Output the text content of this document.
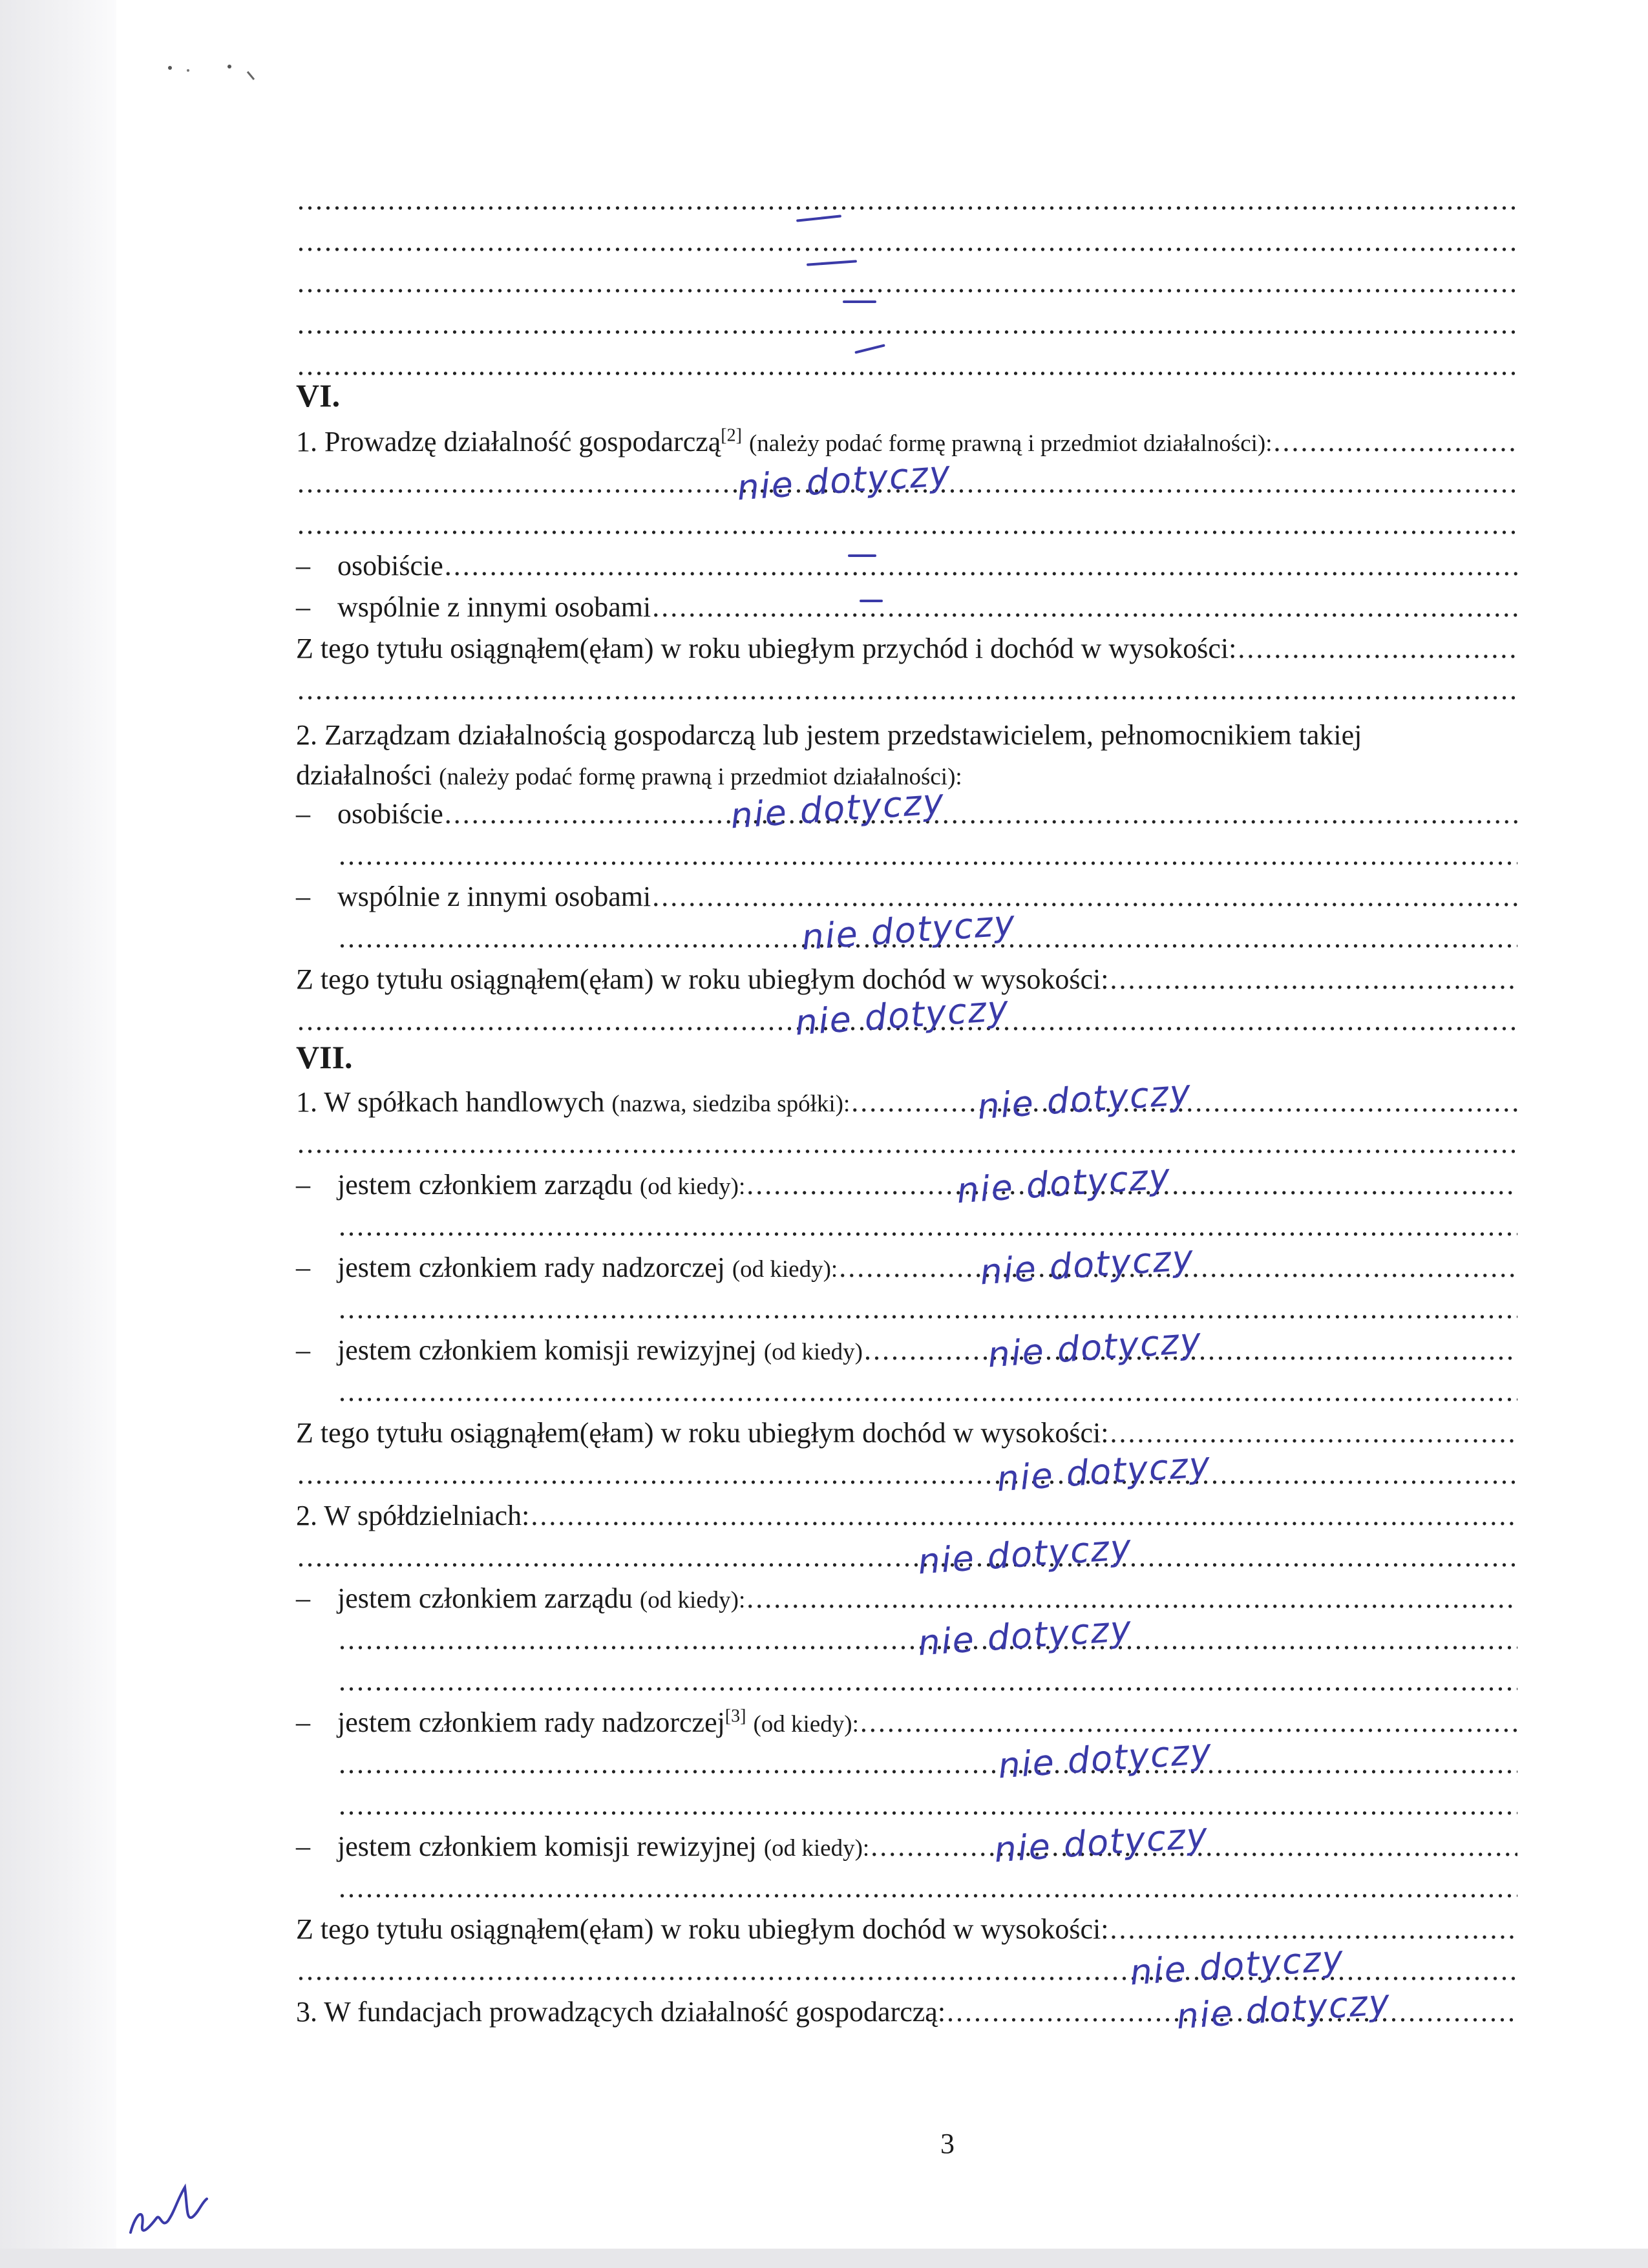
.....
.....
.....
.....
.....
VI.
1. Prowadzę działalność gospodarczą[2] (należy podać formę prawną i przedmiot działalności):
.....
.....
.....
– osobiście
.....
– wspólnie z innymi osobami
.....
Z tego tytułu osiągnąłem(ęłam) w roku ubiegłym przychód i dochód w wysokości:
.....
.....
2. Zarządzam działalnością gospodarczą lub jestem przedstawicielem, pełnomocnikiem takiej
działalności (należy podać formę prawną i przedmiot działalności):
– osobiście
.....
.....
– wspólnie z innymi osobami
.....
.....
Z tego tytułu osiągnąłem(ęłam) w roku ubiegłym dochód w wysokości:
.....
.....
VII.
1. W spółkach handlowych (nazwa, siedziba spółki):
.....
.....
– jestem członkiem zarządu (od kiedy):
.....
.....
– jestem członkiem rady nadzorczej (od kiedy):
.....
.....
– jestem członkiem komisji rewizyjnej (od kiedy)
.....
.....
Z tego tytułu osiągnąłem(ęłam) w roku ubiegłym dochód w wysokości:
.....
.....
2. W spółdzielniach:
.....
.....
– jestem członkiem zarządu (od kiedy):
.....
.....
.....
– jestem członkiem rady nadzorczej[3] (od kiedy):
.....
.....
.....
– jestem członkiem komisji rewizyjnej (od kiedy):
.....
.....
Z tego tytułu osiągnąłem(ęłam) w roku ubiegłym dochód w wysokości:
.....
.....
3. W fundacjach prowadzących działalność gospodarczą:
.....
3
nie dotyczy
nie dotyczy
nie dotyczy
nie dotyczy
nie dotyczy
nie dotyczy
nie dotyczy
nie dotyczy
nie dotyczy
nie dotyczy
nie dotyczy
nie dotyczy
nie dotyczy
nie dotyczy
nie dotyczy
